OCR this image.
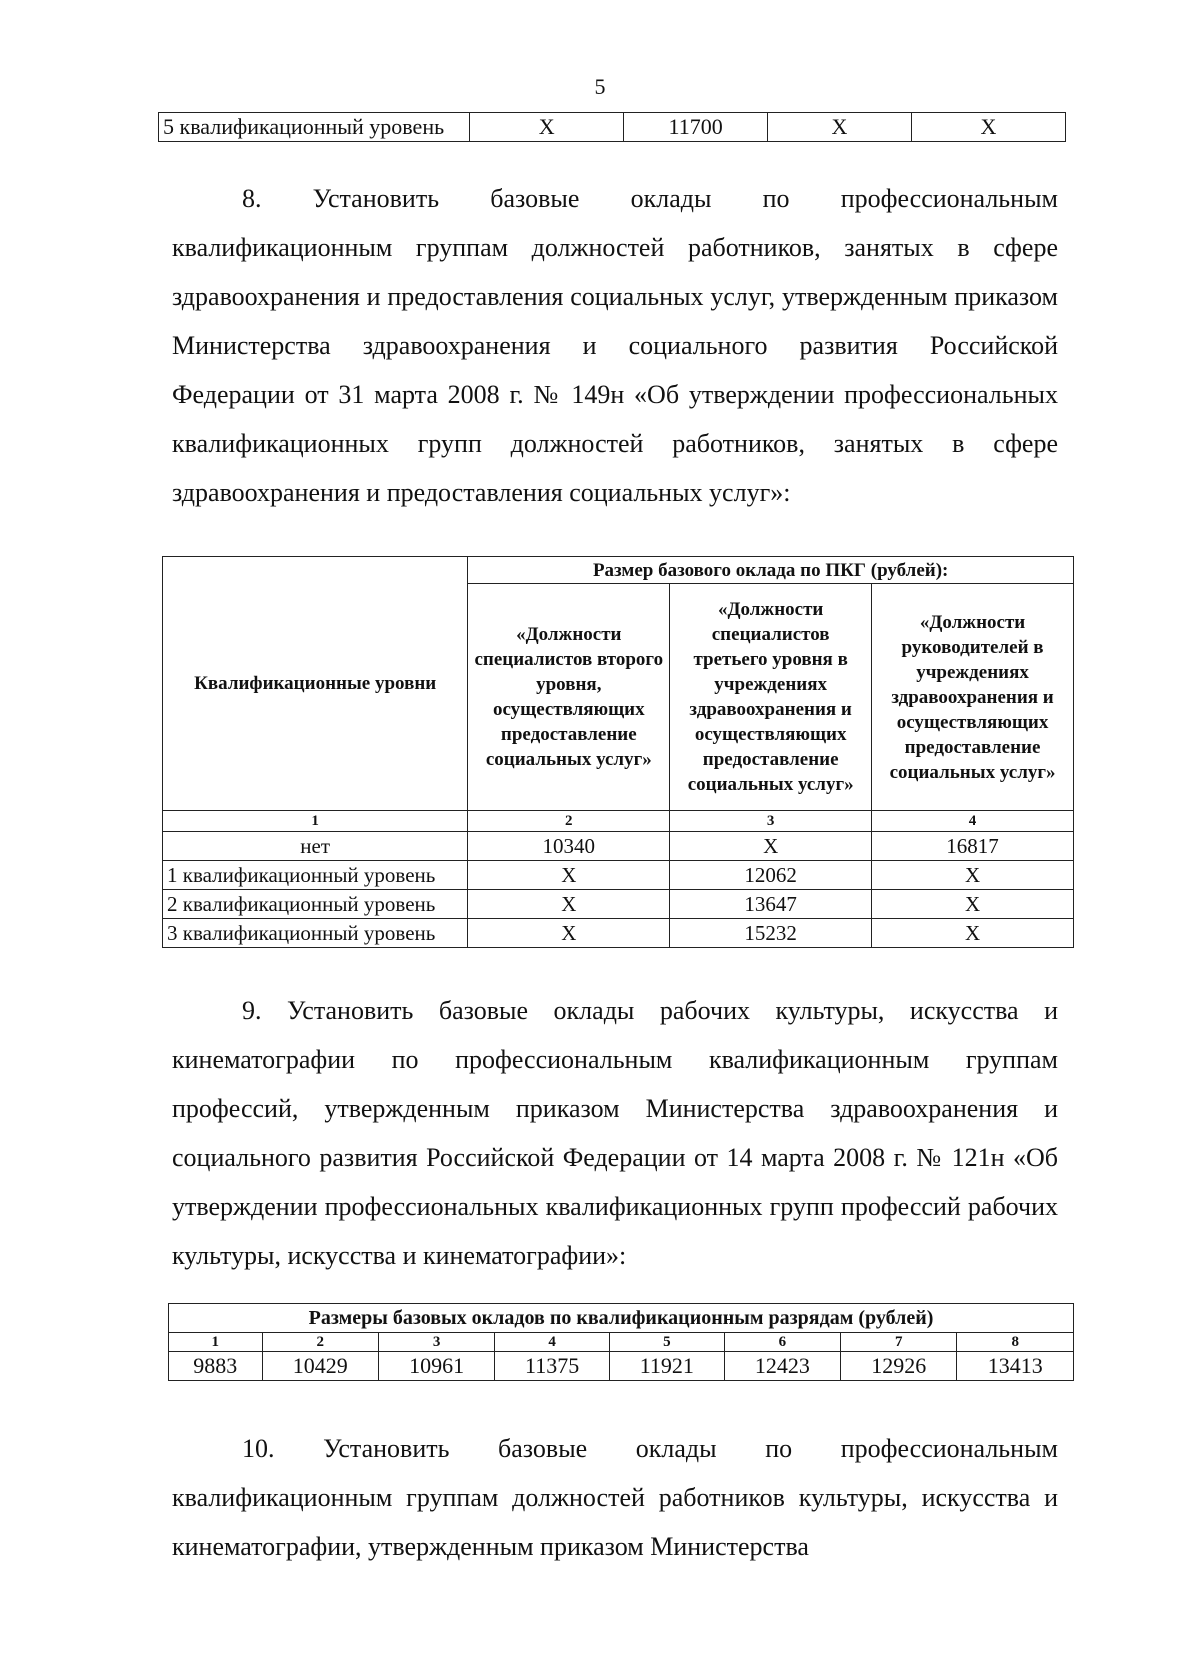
5
5 квалификационный уровень	Х	11700	Х	Х

8. Установить базовые оклады по профессиональным квалификационным группам должностей работников, занятых в сфере здравоохранения и предоставления социальных услуг, утвержденным приказом Министерства здравоохранения и социального развития Российской Федерации от 31 марта 2008 г. № 149н «Об утверждении профессиональных квалификационных групп должностей работников, занятых в сфере здравоохранения и предоставления социальных услуг»:

Квалификационные уровни	Размер базового оклада по ПКГ (рублей):		
	«Должности специалистов второго уровня, осуществляющих предоставление социальных услуг»	«Должности специалистов третьего уровня в учреждениях здравоохранения и осуществляющих предоставление социальных услуг»	«Должности руководителей в учреждениях здравоохранения и осуществляющих предоставление социальных услуг»
1	2	3	4
нет	10340	Х	16817
1 квалификационный уровень	Х	12062	Х
2 квалификационный уровень	Х	13647	Х
3 квалификационный уровень	Х	15232	Х

9. Установить базовые оклады рабочих культуры, искусства и кинематографии по профессиональным квалификационным группам профессий, утвержденным приказом Министерства здравоохранения и социального развития Российской Федерации от 14 марта 2008 г. № 121н «Об утверждении профессиональных квалификационных групп профессий рабочих культуры, искусства и кинематографии»:

Размеры базовых окладов по квалификационным разрядам (рублей)							
1	2	3	4	5	6	7	8
9883	10429	10961	11375	11921	12423	12926	13413

10. Установить базовые оклады по профессиональным квалификационным группам должностей работников культуры, искусства и кинематографии, утвержденным приказом Министерства
